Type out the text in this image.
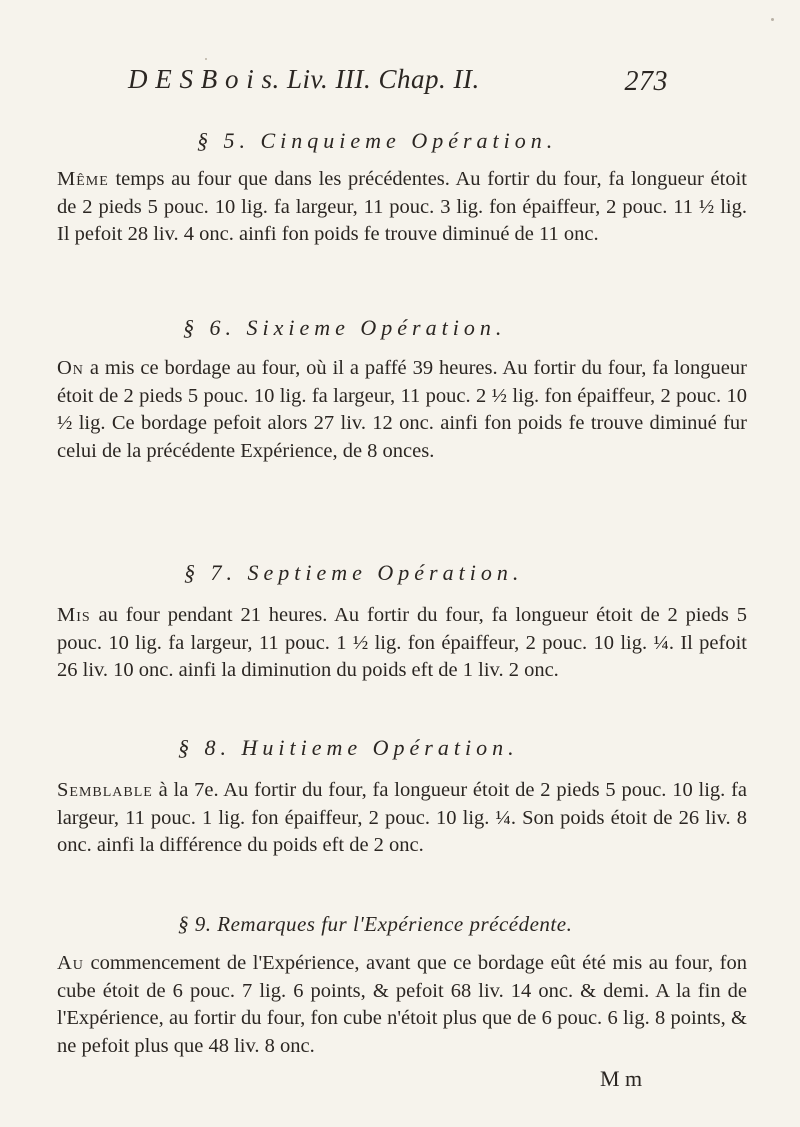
D E S B o i s. Liv. III. Chap. II.	273
§ 5. Cinquieme Opération.
Même temps au four que dans les précédentes. Au fortir du four, fa longueur étoit de 2 pieds 5 pouc. 10 lig. fa largeur, 11 pouc. 3 lig. fon épaiffeur, 2 pouc. 11 ½ lig. Il pefoit 28 liv. 4 onc. ainfi fon poids fe trouve diminué de 11 onc.
§ 6. Sixieme Opération.
On a mis ce bordage au four, où il a paffé 39 heures. Au fortir du four, fa longueur étoit de 2 pieds 5 pouc. 10 lig. fa largeur, 11 pouc. 2 ½ lig. fon épaiffeur, 2 pouc. 10 ½ lig. Ce bordage pefoit alors 27 liv. 12 onc. ainfi fon poids fe trouve diminué fur celui de la précédente Expérience, de 8 onces.
§ 7. Septieme Opération.
Mis au four pendant 21 heures. Au fortir du four, fa longueur étoit de 2 pieds 5 pouc. 10 lig. fa largeur, 11 pouc. 1 ½ lig. fon épaiffeur, 2 pouc. 10 lig. ¼. Il pefoit 26 liv. 10 onc. ainfi la diminution du poids eft de 1 liv. 2 onc.
§ 8. Huitieme Opération.
Semblable à la 7e. Au fortir du four, fa longueur étoit de 2 pieds 5 pouc. 10 lig. fa largeur, 11 pouc. 1 lig. fon épaiffeur, 2 pouc. 10 lig. ¼. Son poids étoit de 26 liv. 8 onc. ainfi la différence du poids eft de 2 onc.
§ 9. Remarques fur l'Expérience précédente.
Au commencement de l'Expérience, avant que ce bordage eût été mis au four, fon cube étoit de 6 pouc. 7 lig. 6 points, & pefoit 68 liv. 14 onc. & demi. A la fin de l'Expérience, au fortir du four, fon cube n'étoit plus que de 6 pouc. 6 lig. 8 points, & ne pefoit plus que 48 liv. 8 onc.
M m
